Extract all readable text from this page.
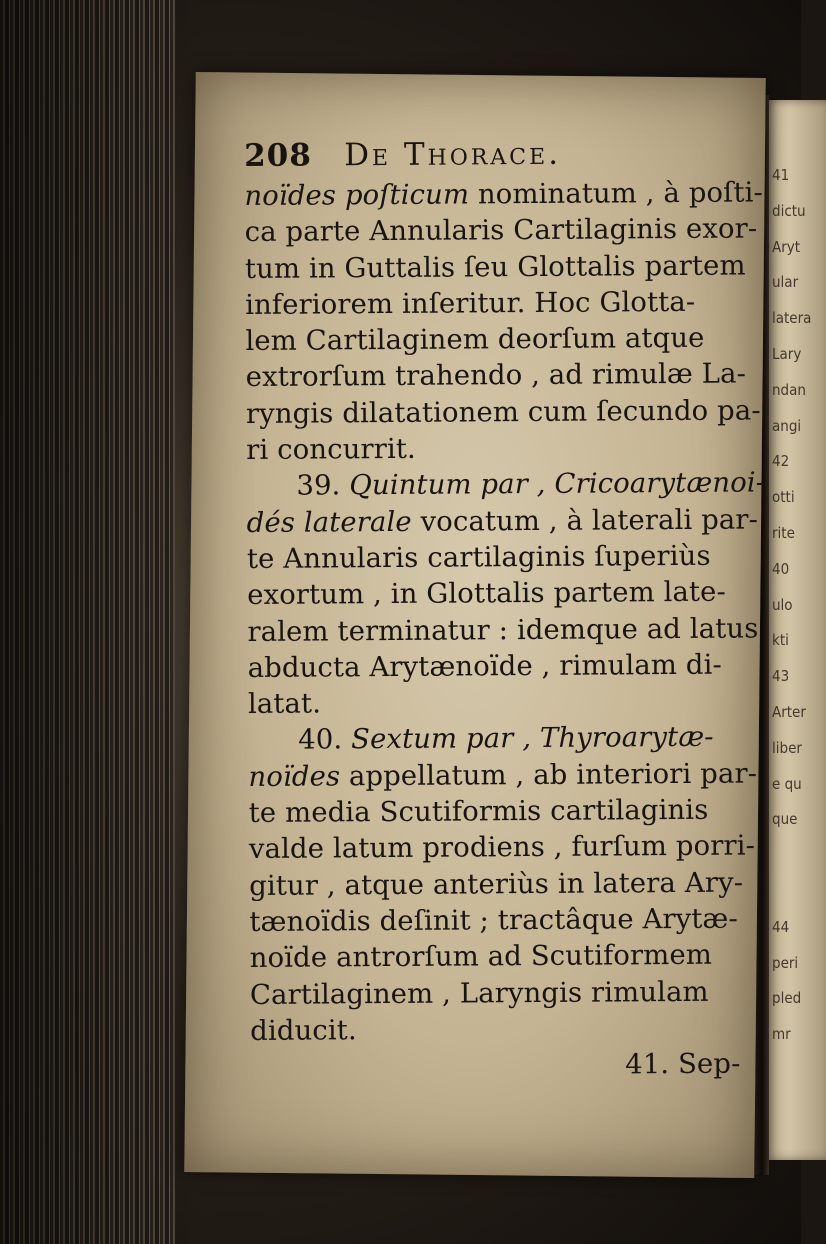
208	De Thorace.
noïdes poſticum nominatum , à poſti-
ca parte Annularis Cartilaginis exor-
tum in Guttalis ſeu Glottalis partem
inferiorem inſeritur. Hoc Glotta-
lem Cartilaginem deorſum atque
extrorſum trahendo , ad rimulæ La-
ryngis dilatationem cum ſecundo pa-
ri concurrit.
39. Quintum par , Cricoarytænoi-
dés laterale vocatum , à laterali par-
te Annularis cartilaginis ſuperiùs
exortum , in Glottalis partem late-
ralem terminatur : idemque ad latus
abducta Arytænoïde , rimulam di-
latat.
40. Sextum par , Thyroarytæ-
noïdes appellatum , ab interiori par-
te media Scutiformis cartilaginis
valde latum prodiens , furſum porri-
gitur , atque anteriùs in latera Ary-
tænoïdis deſinit ; tractâque Arytæ-
noïde antrorſum ad Scutiformem
Cartilaginem , Laryngis rimulam
diducit.
41. Sep-
41
dictu
Aryt
ular
latera
Lary
ndan
angi
42
otti
rite
40
ulo
kti
43
Arter
liber
e qu
que
44
peri
pled
mr
